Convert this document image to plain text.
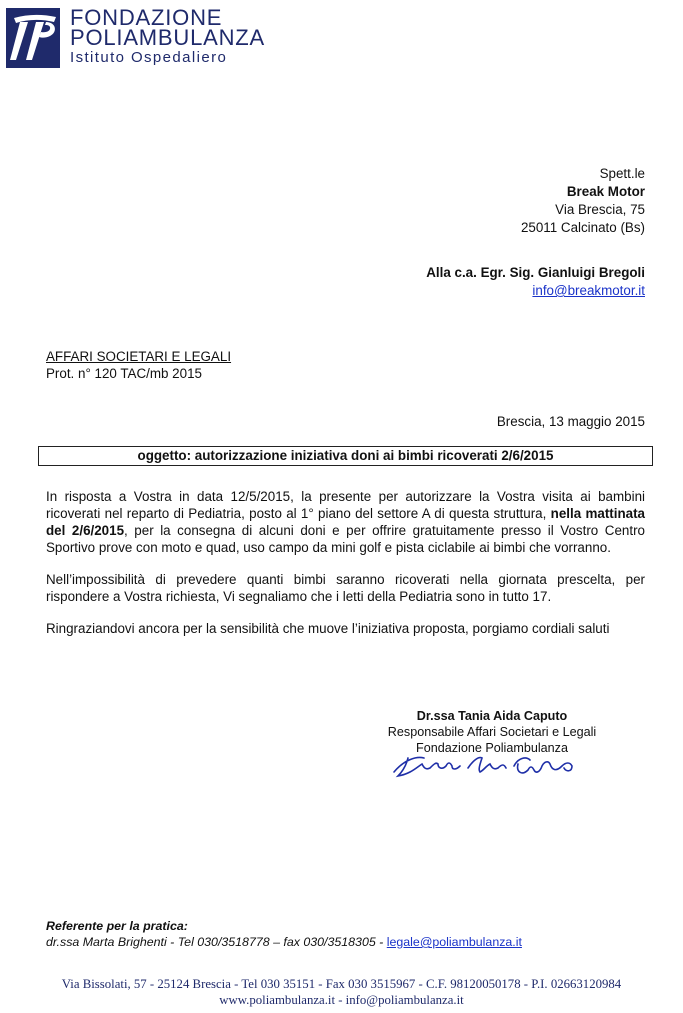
FONDAZIONE
POLIAMBULANZA
Istituto Ospedaliero
Spett.le
Break Motor
Via Brescia, 75
25011 Calcinato (Bs)
Alla c.a. Egr. Sig. Gianluigi Bregoli
info@breakmotor.it
AFFARI SOCIETARI E LEGALI
Prot. n° 120 TAC/mb 2015
Brescia, 13 maggio 2015
oggetto: autorizzazione iniziativa doni ai bimbi ricoverati 2/6/2015

In risposta a Vostra in data 12/5/2015, la presente per autorizzare la Vostra visita ai bambini ricoverati nel reparto di Pediatria, posto al 1° piano del settore A di questa struttura, nella mattinata del 2/6/2015, per la consegna di alcuni doni e per offrire gratuitamente presso il Vostro Centro Sportivo prove con moto e quad, uso campo da mini golf e pista ciclabile ai bimbi che vorranno.

Nell’impossibilità di prevedere quanti bimbi saranno ricoverati nella giornata prescelta, per rispondere a Vostra richiesta, Vi segnaliamo che i letti della Pediatria sono in tutto 17.

Ringraziandovi ancora per la sensibilità che muove l’iniziativa proposta, porgiamo cordiali saluti

Dr.ssa Tania Aida Caputo
Responsabile Affari Societari e Legali
Fondazione Poliambulanza
Referente per la pratica:
dr.ssa Marta Brighenti - Tel 030/3518778 – fax 030/3518305 - legale@poliambulanza.it
Via Bissolati, 57 - 25124 Brescia - Tel 030 35151 - Fax 030 3515967 - C.F. 98120050178 - P.I. 02663120984
www.poliambulanza.it - info@poliambulanza.it
